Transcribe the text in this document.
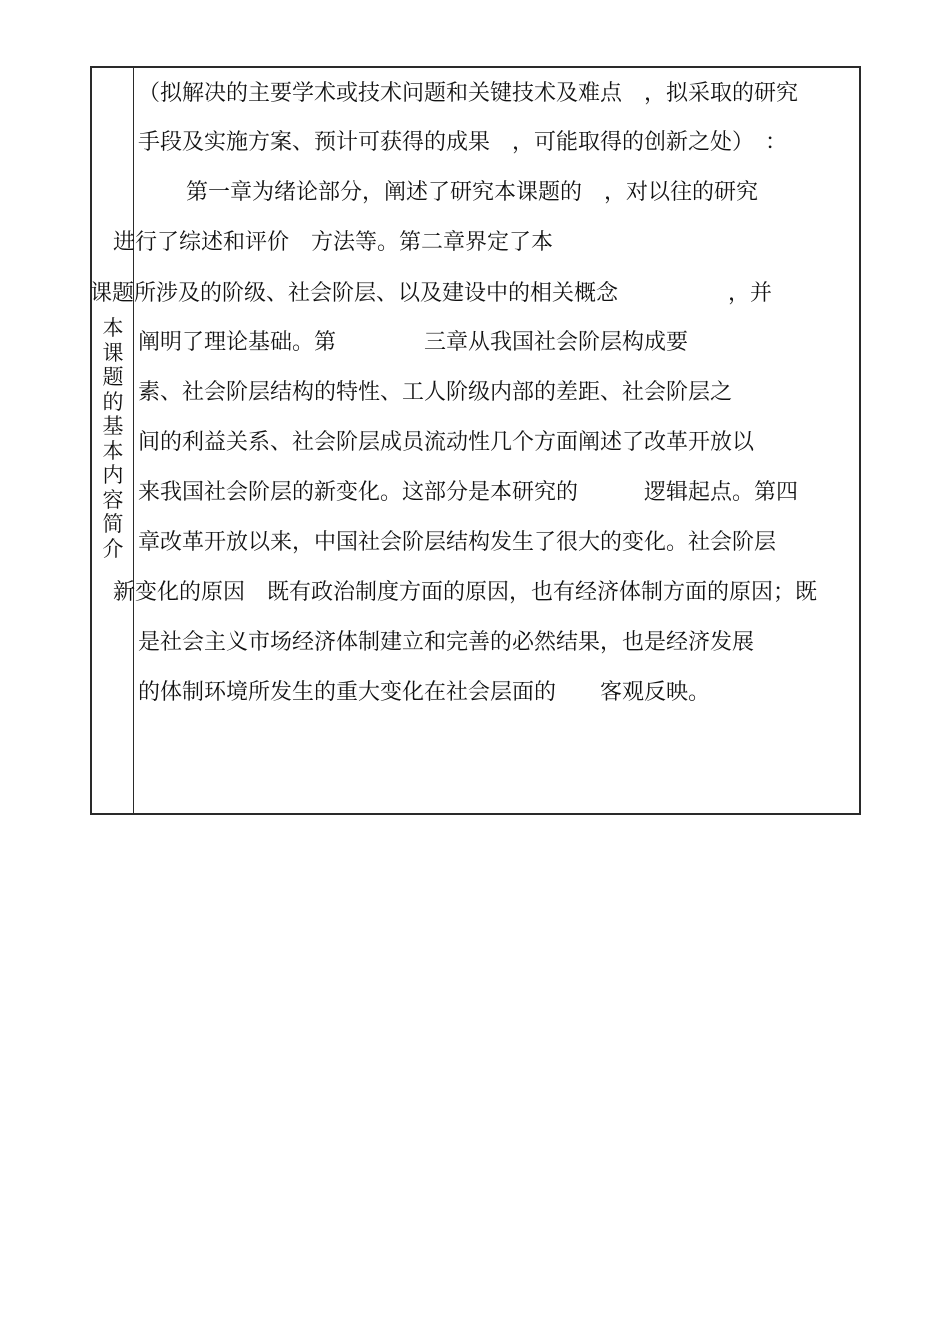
本课题的基本内容简介

（拟解决的主要学术或技术问题和关键技术及难点　，拟采取的研究

手段及实施方案、预计可获得的成果　，可能取得的创新之处）　：

第一章为绪论部分，阐述了研究本课题的　，对以往的研究

进行了综述和评价　方法等。第二章界定了本

课题所涉及的阶级、社会阶层、以及建设中的相关概念　　　　　，并

阐明了理论基础。第　　　　三章从我国社会阶层构成要

素、社会阶层结构的特性、工人阶级内部的差距、社会阶层之

间的利益关系、社会阶层成员流动性几个方面阐述了改革开放以

来我国社会阶层的新变化。这部分是本研究的　　　逻辑起点。第四

章改革开放以来，中国社会阶层结构发生了很大的变化。社会阶层

新变化的原因　既有政治制度方面的原因，也有经济体制方面的原因；既

是社会主义市场经济体制建立和完善的必然结果，也是经济发展

的体制环境所发生的重大变化在社会层面的　　客观反映。
